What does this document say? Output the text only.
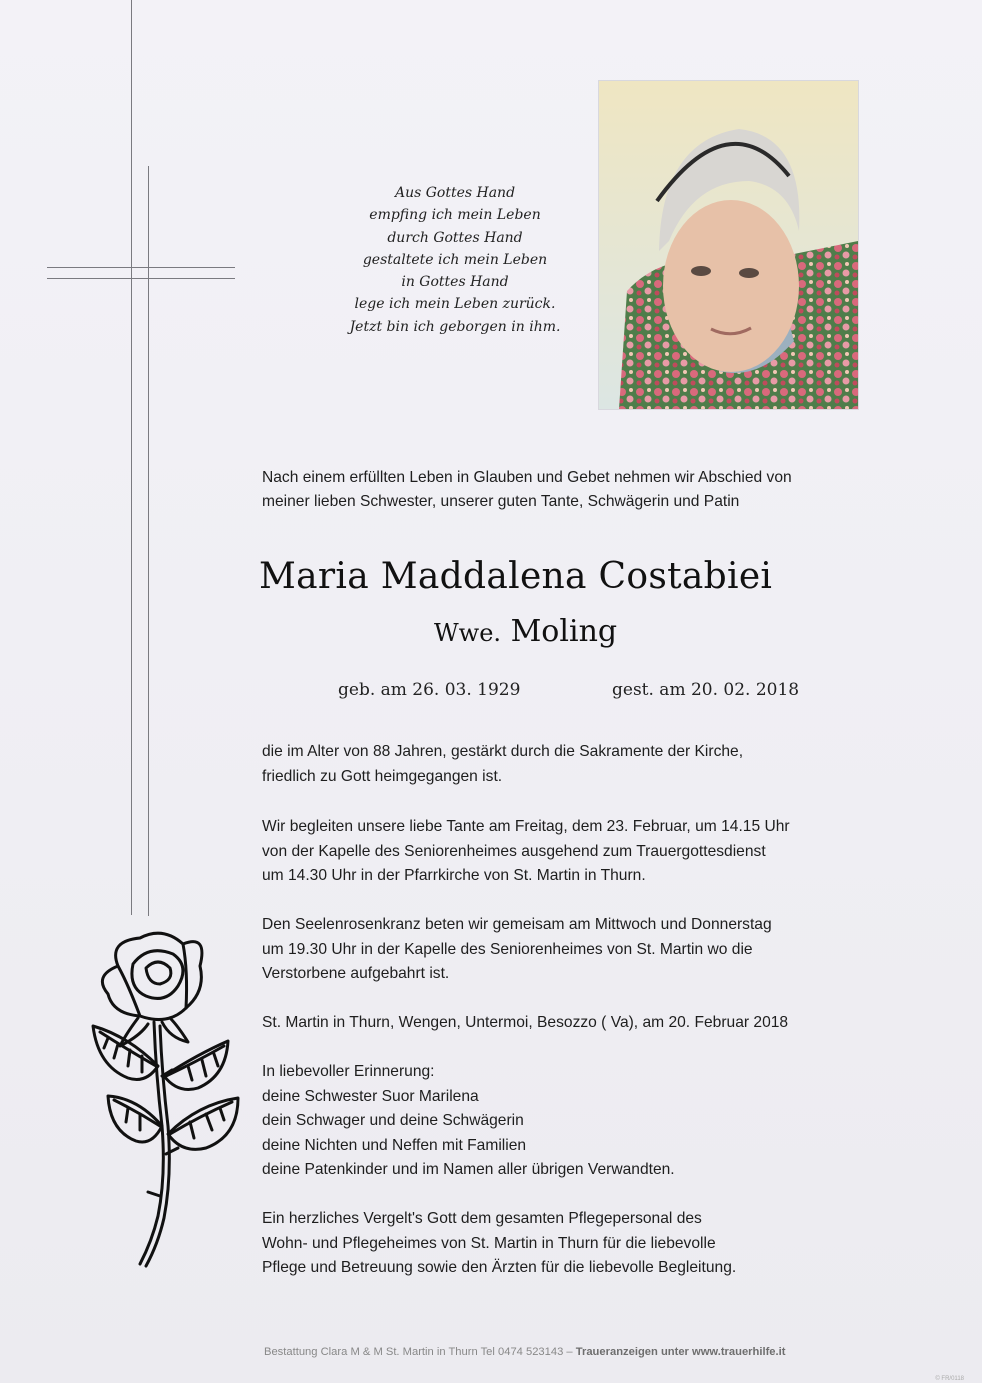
Aus Gottes Hand
empfing ich mein Leben
durch Gottes Hand
gestaltete ich mein Leben
in Gottes Hand
lege ich mein Leben zurück.
Jetzt bin ich geborgen in ihm.
Nach einem erfüllten Leben in Glauben und Gebet nehmen wir Abschied von
meiner lieben Schwester, unserer guten Tante, Schwägerin und Patin
Maria Maddalena Costabiei
Wwe. Moling
geb. am 26. 03. 1929	gest. am 20. 02. 2018
die im Alter von 88 Jahren, gestärkt durch die Sakramente der Kirche,
friedlich zu Gott heimgegangen ist.
Wir begleiten unsere liebe Tante am Freitag, dem 23. Februar, um 14.15 Uhr
von der Kapelle des Seniorenheimes ausgehend zum Trauergottesdienst
um 14.30 Uhr in der Pfarrkirche von St. Martin in Thurn.
Den Seelenrosenkranz beten wir gemeisam am Mittwoch und Donnerstag
um 19.30 Uhr in der Kapelle des Seniorenheimes von St. Martin wo die
Verstorbene aufgebahrt ist.
St. Martin in Thurn, Wengen, Untermoi, Besozzo ( Va), am 20. Februar 2018
In liebevoller Erinnerung:
deine Schwester Suor Marilena
dein Schwager und deine Schwägerin
deine Nichten und Neffen mit Familien
deine Patenkinder und im Namen aller übrigen Verwandten.
Ein herzliches Vergelt's Gott dem gesamten Pflegepersonal des
Wohn- und Pflegeheimes von St. Martin in Thurn für die liebevolle
Pflege und Betreuung sowie den Ärzten für die liebevolle Begleitung.
Bestattung Clara M & M St. Martin in Thurn Tel 0474 523143 – Traueranzeigen unter www.trauerhilfe.it
© FR/0118
